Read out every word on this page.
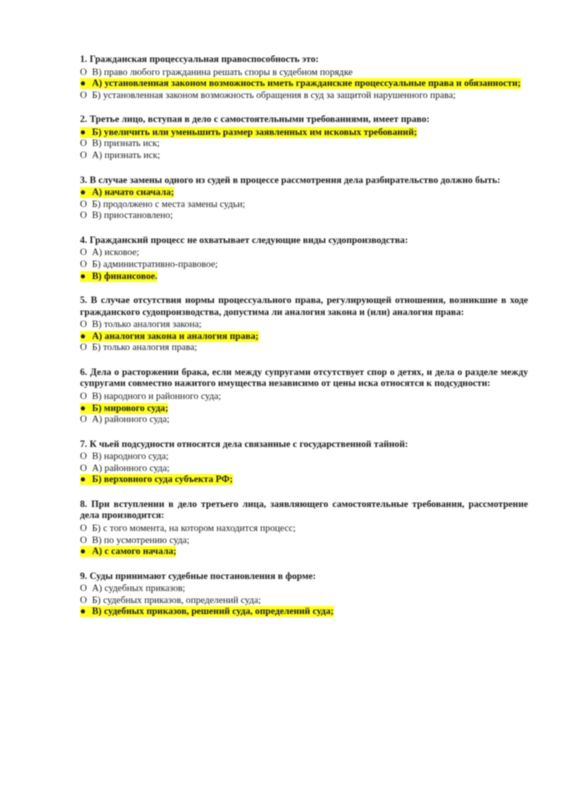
1. Гражданская процессуальная правоспособность это:
O В) право любого гражданина решать споры в судебном порядке
● А) установленная законом возможность иметь гражданские процессуальные права и обязанности;
O Б) установленная законом возможность обращения в суд за защитой нарушенного права;
2. Третье лицо, вступая в дело с самостоятельными требованиями, имеет право:
● Б) увеличить или уменьшить размер заявленных им исковых требований;
O В) признать иск;
O А) признать иск;
3. В случае замены одного из судей в процессе рассмотрения дела разбирательство должно быть:
● А) начато сначала;
O Б) продолжено с места замены судьи;
O В) приостановлено;
4. Гражданский процесс не охватывает следующие виды судопроизводства:
O А) исковое;
O Б) административно-правовое;
● В) финансовое.
5. В случае отсутствия нормы процессуального права, регулирующей отношения, возникшие в ходе гражданского судопроизводства, допустима ли аналогия закона и (или) аналогия права:
O В) только аналогия закона;
● А) аналогия закона и аналогия права;
O Б) только аналогия права;
6. Дела о расторжении брака, если между супругами отсутствует спор о детях, и дела о разделе между супругами совместно нажитого имущества независимо от цены иска относятся к подсудности:
O В) народного и районного суда;
● Б) мирового суда;
O А) районного суда;
7. К чьей подсудности относятся дела связанные с государственной тайной:
O В) народного суда;
O А) районного суда;
● Б) верховного суда субъекта РФ;
8. При вступлении в дело третьего лица, заявляющего самостоятельные требования, рассмотрение дела производится:
O Б) с того момента, на котором находится процесс;
O В) по усмотрению суда;
● А) с самого начала;
9. Суды принимают судебные постановления в форме:
O А) судебных приказов;
O Б) судебных приказов, определений суда;
● В) судебных приказов, решений суда, определений суда;
